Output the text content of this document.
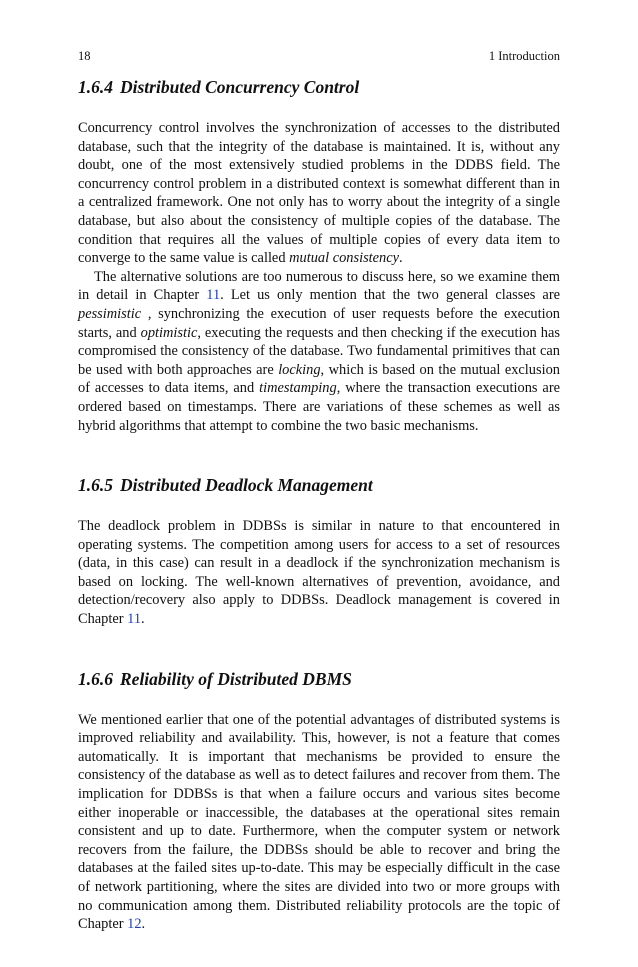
18	1 Introduction
1.6.4 Distributed Concurrency Control

Concurrency control involves the synchronization of accesses to the distributed database, such that the integrity of the database is maintained. It is, without any doubt, one of the most extensively studied problems in the DDBS field. The concurrency control problem in a distributed context is somewhat different than in a centralized framework. One not only has to worry about the integrity of a single database, but also about the consistency of multiple copies of the database. The condition that requires all the values of multiple copies of every data item to converge to the same value is called mutual consistency.

The alternative solutions are too numerous to discuss here, so we examine them in detail in Chapter 11. Let us only mention that the two general classes are pessimistic , synchronizing the execution of user requests before the execution starts, and optimistic, executing the requests and then checking if the execution has compromised the consistency of the database. Two fundamental primitives that can be used with both approaches are locking, which is based on the mutual exclusion of accesses to data items, and timestamping, where the transaction executions are ordered based on timestamps. There are variations of these schemes as well as hybrid algorithms that attempt to combine the two basic mechanisms.

1.6.5 Distributed Deadlock Management

The deadlock problem in DDBSs is similar in nature to that encountered in operating systems. The competition among users for access to a set of resources (data, in this case) can result in a deadlock if the synchronization mechanism is based on locking. The well-known alternatives of prevention, avoidance, and detection/recovery also apply to DDBSs. Deadlock management is covered in Chapter 11.

1.6.6 Reliability of Distributed DBMS

We mentioned earlier that one of the potential advantages of distributed systems is improved reliability and availability. This, however, is not a feature that comes automatically. It is important that mechanisms be provided to ensure the consistency of the database as well as to detect failures and recover from them. The implication for DDBSs is that when a failure occurs and various sites become either inoperable or inaccessible, the databases at the operational sites remain consistent and up to date. Furthermore, when the computer system or network recovers from the failure, the DDBSs should be able to recover and bring the databases at the failed sites up-to-date. This may be especially difficult in the case of network partitioning, where the sites are divided into two or more groups with no communication among them. Distributed reliability protocols are the topic of Chapter 12.
